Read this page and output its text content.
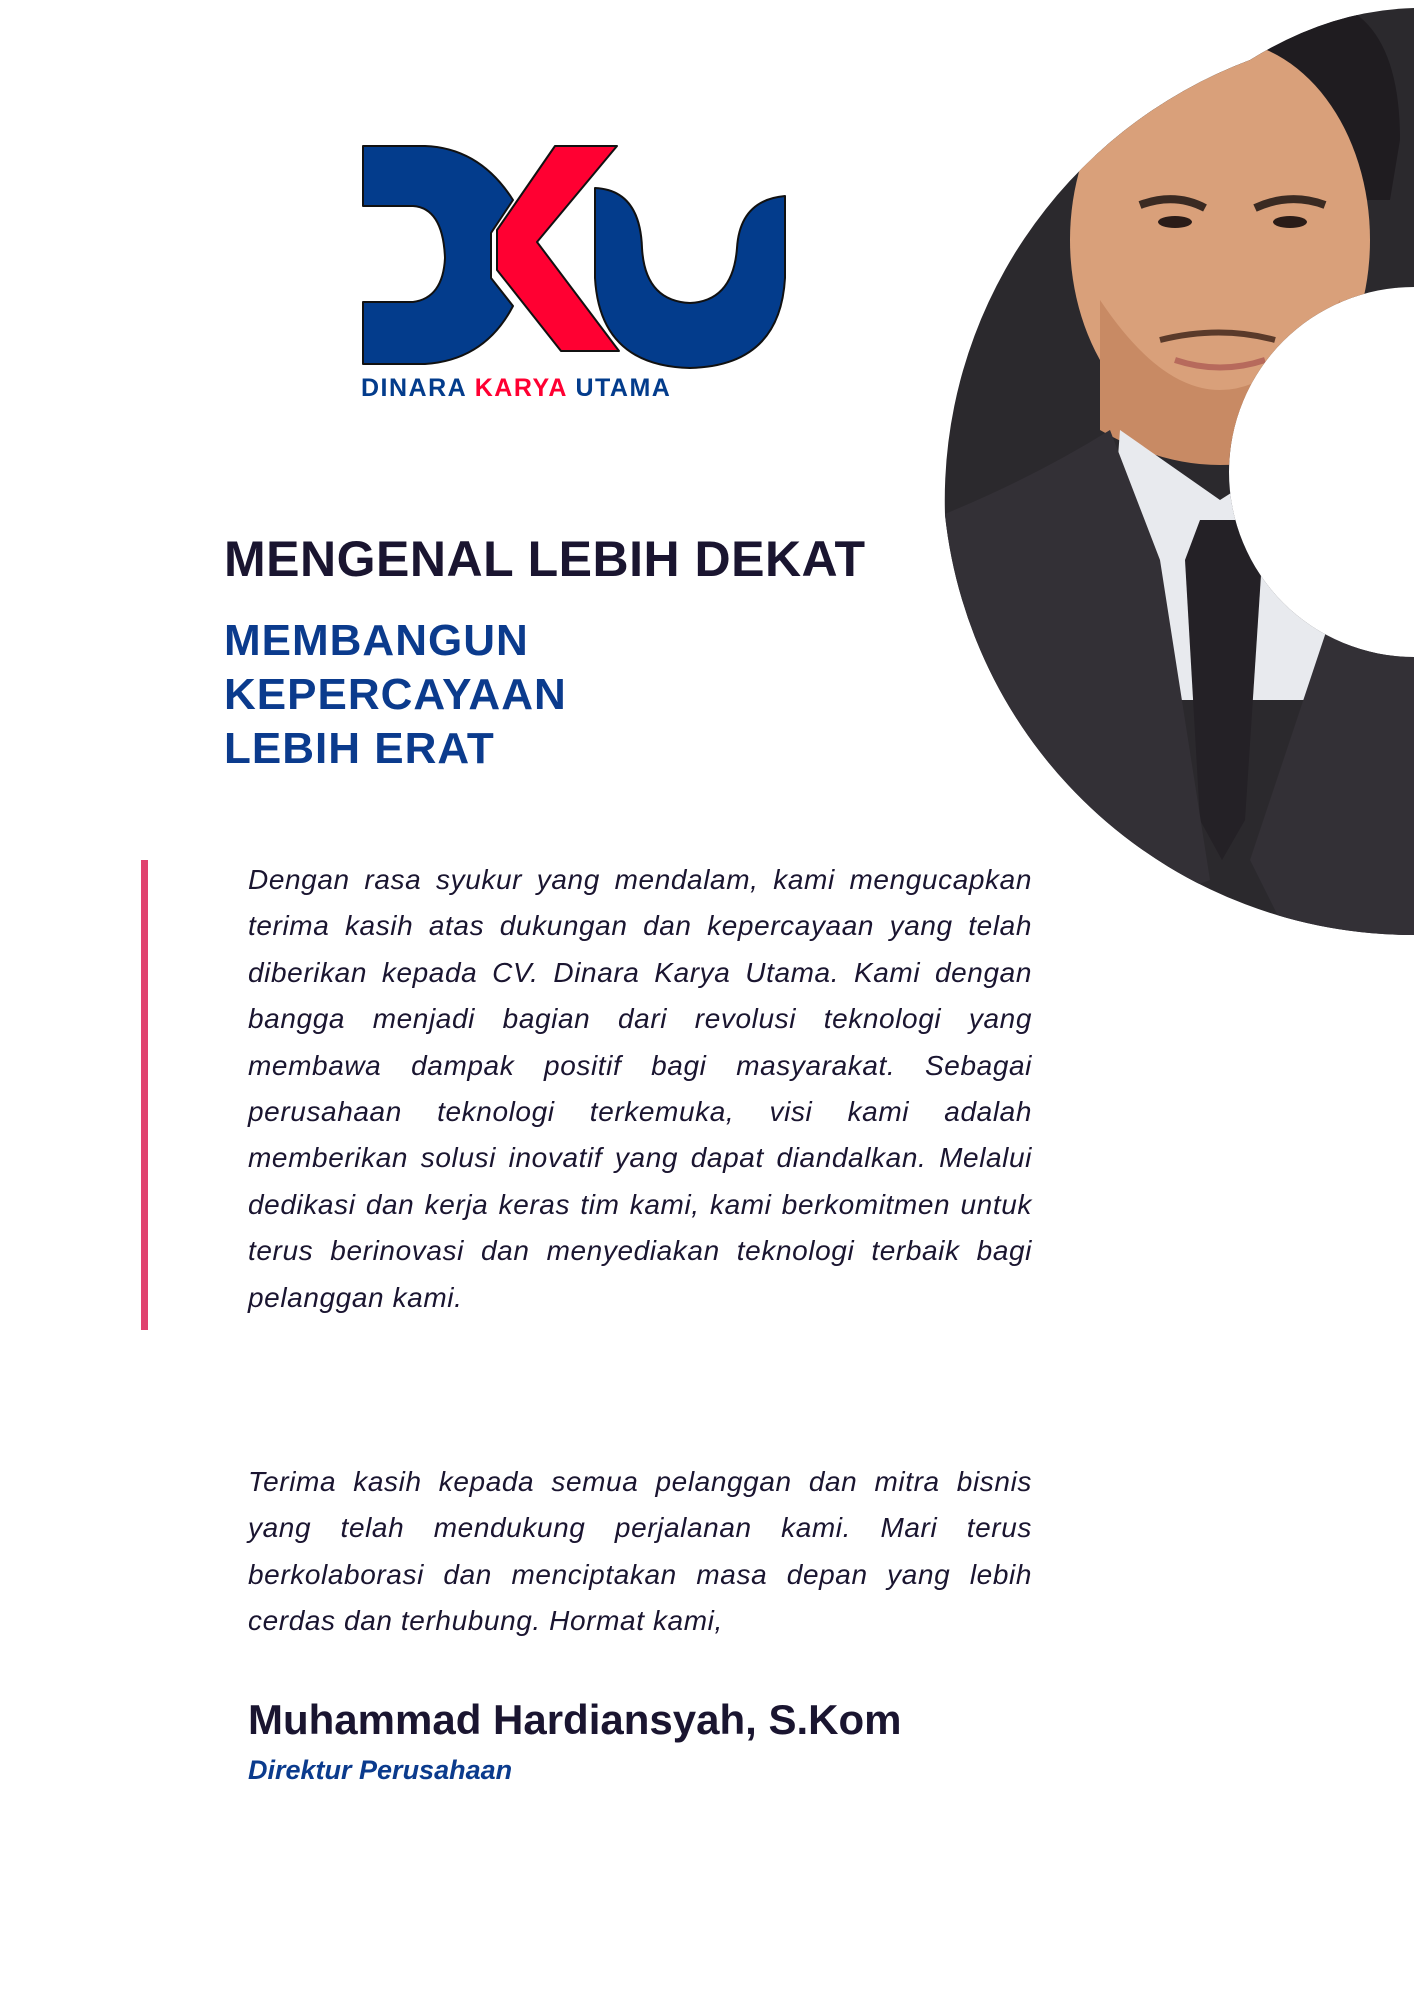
DINARA KARYA UTAMA
MENGENAL LEBIH DEKAT
MEMBANGUN
KEPERCAYAAN
LEBIH ERAT

Dengan rasa syukur yang mendalam, kami mengucapkan terima kasih atas dukungan dan kepercayaan yang telah diberikan kepada CV. Dinara Karya Utama. Kami dengan bangga menjadi bagian dari revolusi teknologi yang membawa dampak positif bagi masyarakat. Sebagai perusahaan teknologi terkemuka, visi kami adalah memberikan solusi inovatif yang dapat diandalkan. Melalui dedikasi dan kerja keras tim kami, kami berkomitmen untuk terus berinovasi dan menyediakan teknologi terbaik bagi pelanggan kami.

Terima kasih kepada semua pelanggan dan mitra bisnis yang telah mendukung perjalanan kami. Mari terus berkolaborasi dan menciptakan masa depan yang lebih cerdas dan terhubung. Hormat kami,

Muhammad Hardiansyah, S.Kom

Direktur Perusahaan
